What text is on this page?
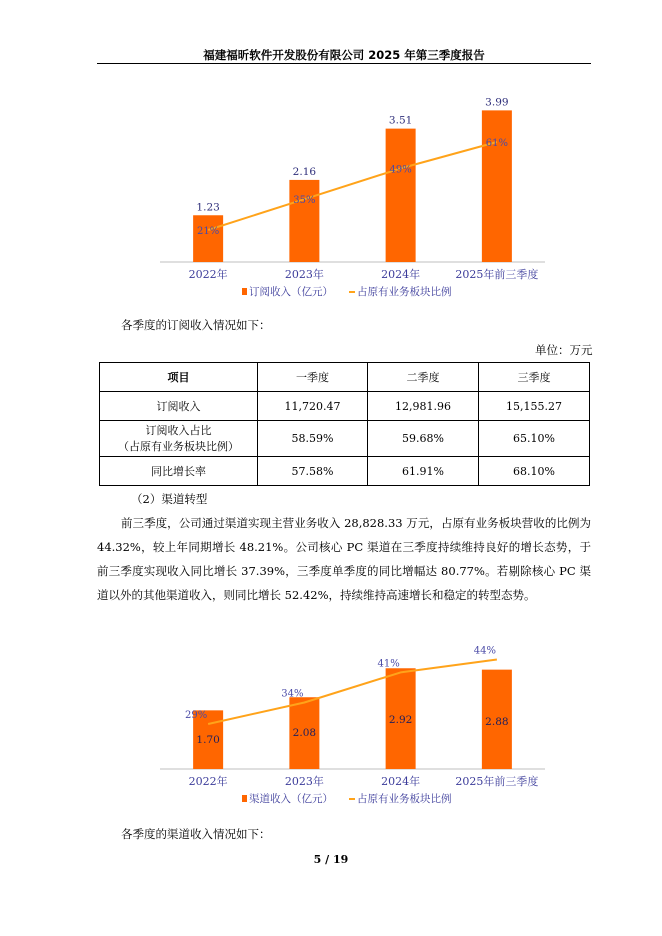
福建福昕软件开发股份有限公司 2025 年第三季度报告
1.23
2022年
2.16
2023年
3.51
2024年
3.99
2025年前三季度
21%
35%
49%
61%
订阅收入（亿元） 占原有业务板块比例
各季度的订阅收入情况如下：
单位：万元
项目	一季度	二季度	三季度
订阅收入	11,720.47	12,981.96	15,155.27
订阅收入占比
（占原有业务板块比例）	58.59%	59.68%	65.10%
同比增长率	57.58%	61.91%	68.10%
（2）渠道转型

前三季度，公司通过渠道实现主营业务收入 28,828.33 万元，占原有业务板块营收的比例为 44.32%，较上年同期增长 48.21%。公司核心 PC 渠道在三季度持续维持良好的增长态势，于前三季度实现收入同比增长 37.39%，三季度单季度的同比增幅达 80.77%。若剔除核心 PC 渠道以外的其他渠道收入，则同比增长 52.42%，持续维持高速增长和稳定的转型态势。

1.70
2022年
2.08
2023年
2.92
2024年
2.88
2025年前三季度
29%
34%
41%
44%
渠道收入（亿元） 占原有业务板块比例
各季度的渠道收入情况如下：
5 / 19
